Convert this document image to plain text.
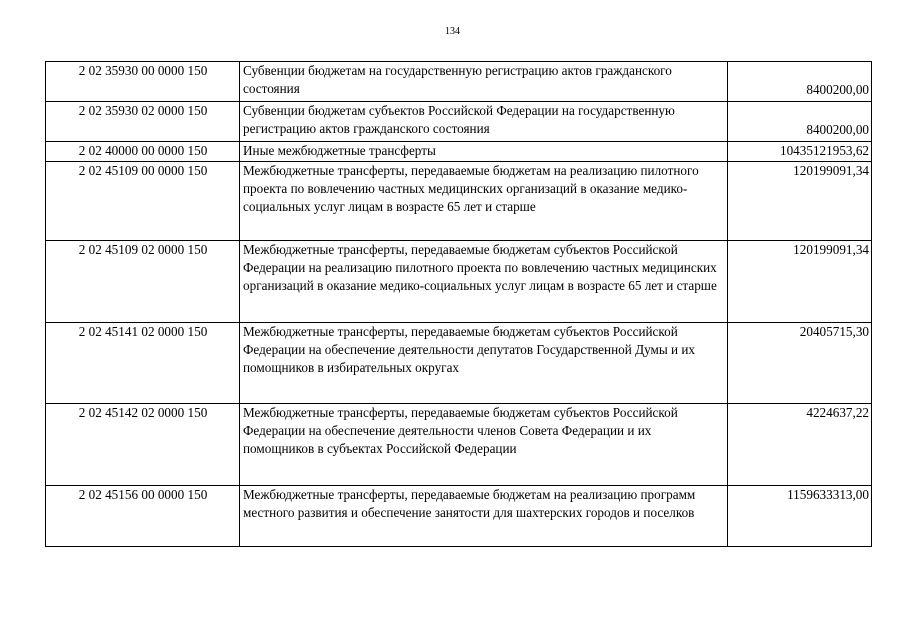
134
2 02 35930 00 0000 150	Субвенции бюджетам на государственную регистрацию актов гражданского состояния	8400200,00
2 02 35930 02 0000 150	Субвенции бюджетам субъектов Российской Федерации на государственную регистрацию актов гражданского состояния	8400200,00
2 02 40000 00 0000 150	Иные межбюджетные трансферты	10435121953,62
2 02 45109 00 0000 150	Межбюджетные трансферты, передаваемые бюджетам на реализацию пилотного проекта по вовлечению частных медицинских организаций в оказание медико-социальных услуг лицам в возрасте 65 лет и старше	120199091,34
2 02 45109 02 0000 150	Межбюджетные трансферты, передаваемые бюджетам субъектов Российской Федерации на реализацию пилотного проекта по вовлечению частных медицинских организаций в оказание медико-социальных услуг лицам в возрасте 65 лет и старше	120199091,34
2 02 45141 02 0000 150	Межбюджетные трансферты, передаваемые бюджетам субъектов Российской Федерации на обеспечение деятельности депутатов Государственной Думы и их помощников в избирательных округах	20405715,30
2 02 45142 02 0000 150	Межбюджетные трансферты, передаваемые бюджетам субъектов Российской Федерации на обеспечение деятельности членов Совета Федерации и их помощников в субъектах Российской Федерации	4224637,22
2 02 45156 00 0000 150	Межбюджетные трансферты, передаваемые бюджетам на реализацию программ местного развития и обеспечение занятости для шахтерских городов и поселков	1159633313,00
